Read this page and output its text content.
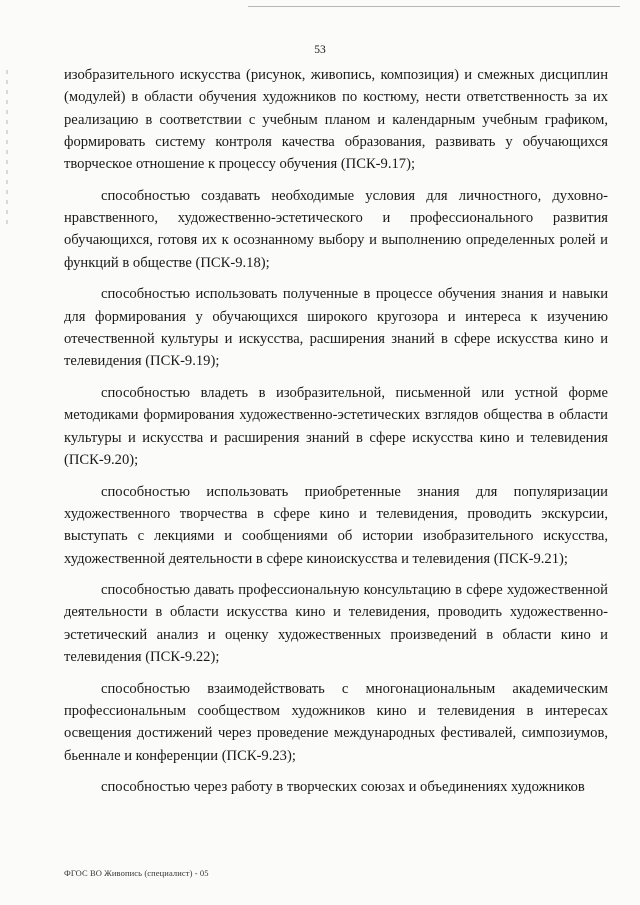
53

изобразительного искусства (рисунок, живопись, композиция) и смежных дисциплин (модулей) в области обучения художников по костюму, нести ответственность за их реализацию в соответствии с учебным планом и календарным учебным графиком, формировать систему контроля качества образования, развивать у обучающихся творческое отношение к процессу обучения (ПСК-9.17);

способностью создавать необходимые условия для личностного, духовно-нравственного, художественно-эстетического и профессионального развития обучающихся, готовя их к осознанному выбору и выполнению определенных ролей и функций в обществе (ПСК-9.18);

способностью использовать полученные в процессе обучения знания и навыки для формирования у обучающихся широкого кругозора и интереса к изучению отечественной культуры и искусства, расширения знаний в сфере искусства кино и телевидения (ПСК-9.19);

способностью владеть в изобразительной, письменной или устной форме методиками формирования художественно-эстетических взглядов общества в области культуры и искусства и расширения знаний в сфере искусства кино и телевидения (ПСК-9.20);

способностью использовать приобретенные знания для популяризации художественного творчества в сфере кино и телевидения, проводить экскурсии, выступать с лекциями и сообщениями об истории изобразительного искусства, художественной деятельности в сфере киноискусства и телевидения (ПСК-9.21);

способностью давать профессиональную консультацию в сфере художественной деятельности в области искусства кино и телевидения, проводить художественно-эстетический анализ и оценку художественных произведений в области кино и телевидения (ПСК-9.22);

способностью взаимодействовать с многонациональным академическим профессиональным сообществом художников кино и телевидения в интересах освещения достижений через проведение международных фестивалей, симпозиумов, бьеннале и конференции (ПСК-9.23);

способностью через работу в творческих союзах и объединениях художников

ФГОС ВО Живопись (специалист) - 05
